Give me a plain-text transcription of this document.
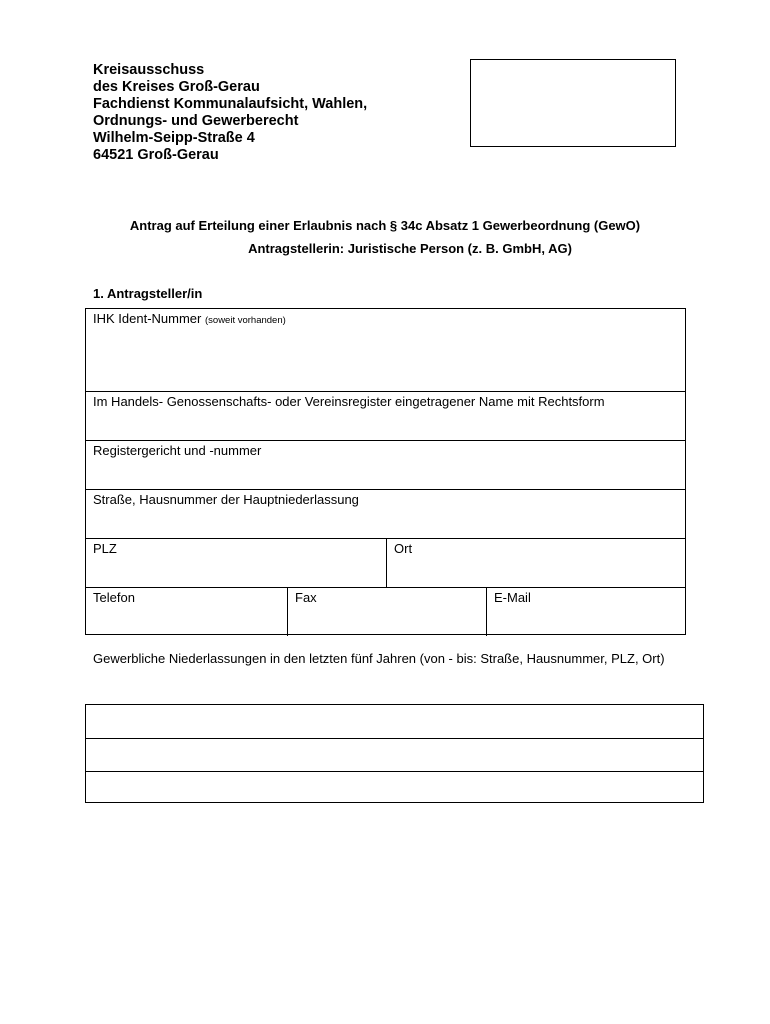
Kreisausschuss
des Kreises Groß-Gerau
Fachdienst Kommunalaufsicht, Wahlen,
Ordnungs- und Gewerberecht
Wilhelm-Seipp-Straße 4
64521 Groß-Gerau
Antrag auf Erteilung einer Erlaubnis nach § 34c Absatz 1 Gewerbeordnung (GewO)
Antragstellerin: Juristische Person (z. B. GmbH, AG)
1. Antragsteller/in
IHK Ident-Nummer (soweit vorhanden)
Im Handels- Genossenschafts- oder Vereinsregister eingetragener Name mit Rechtsform
Registergericht und -nummer
Straße, Hausnummer der Hauptniederlassung
PLZ	Ort
Telefon	Fax	E-Mail
Gewerbliche Niederlassungen in den letzten fünf Jahren (von - bis: Straße, Hausnummer, PLZ, Ort)
